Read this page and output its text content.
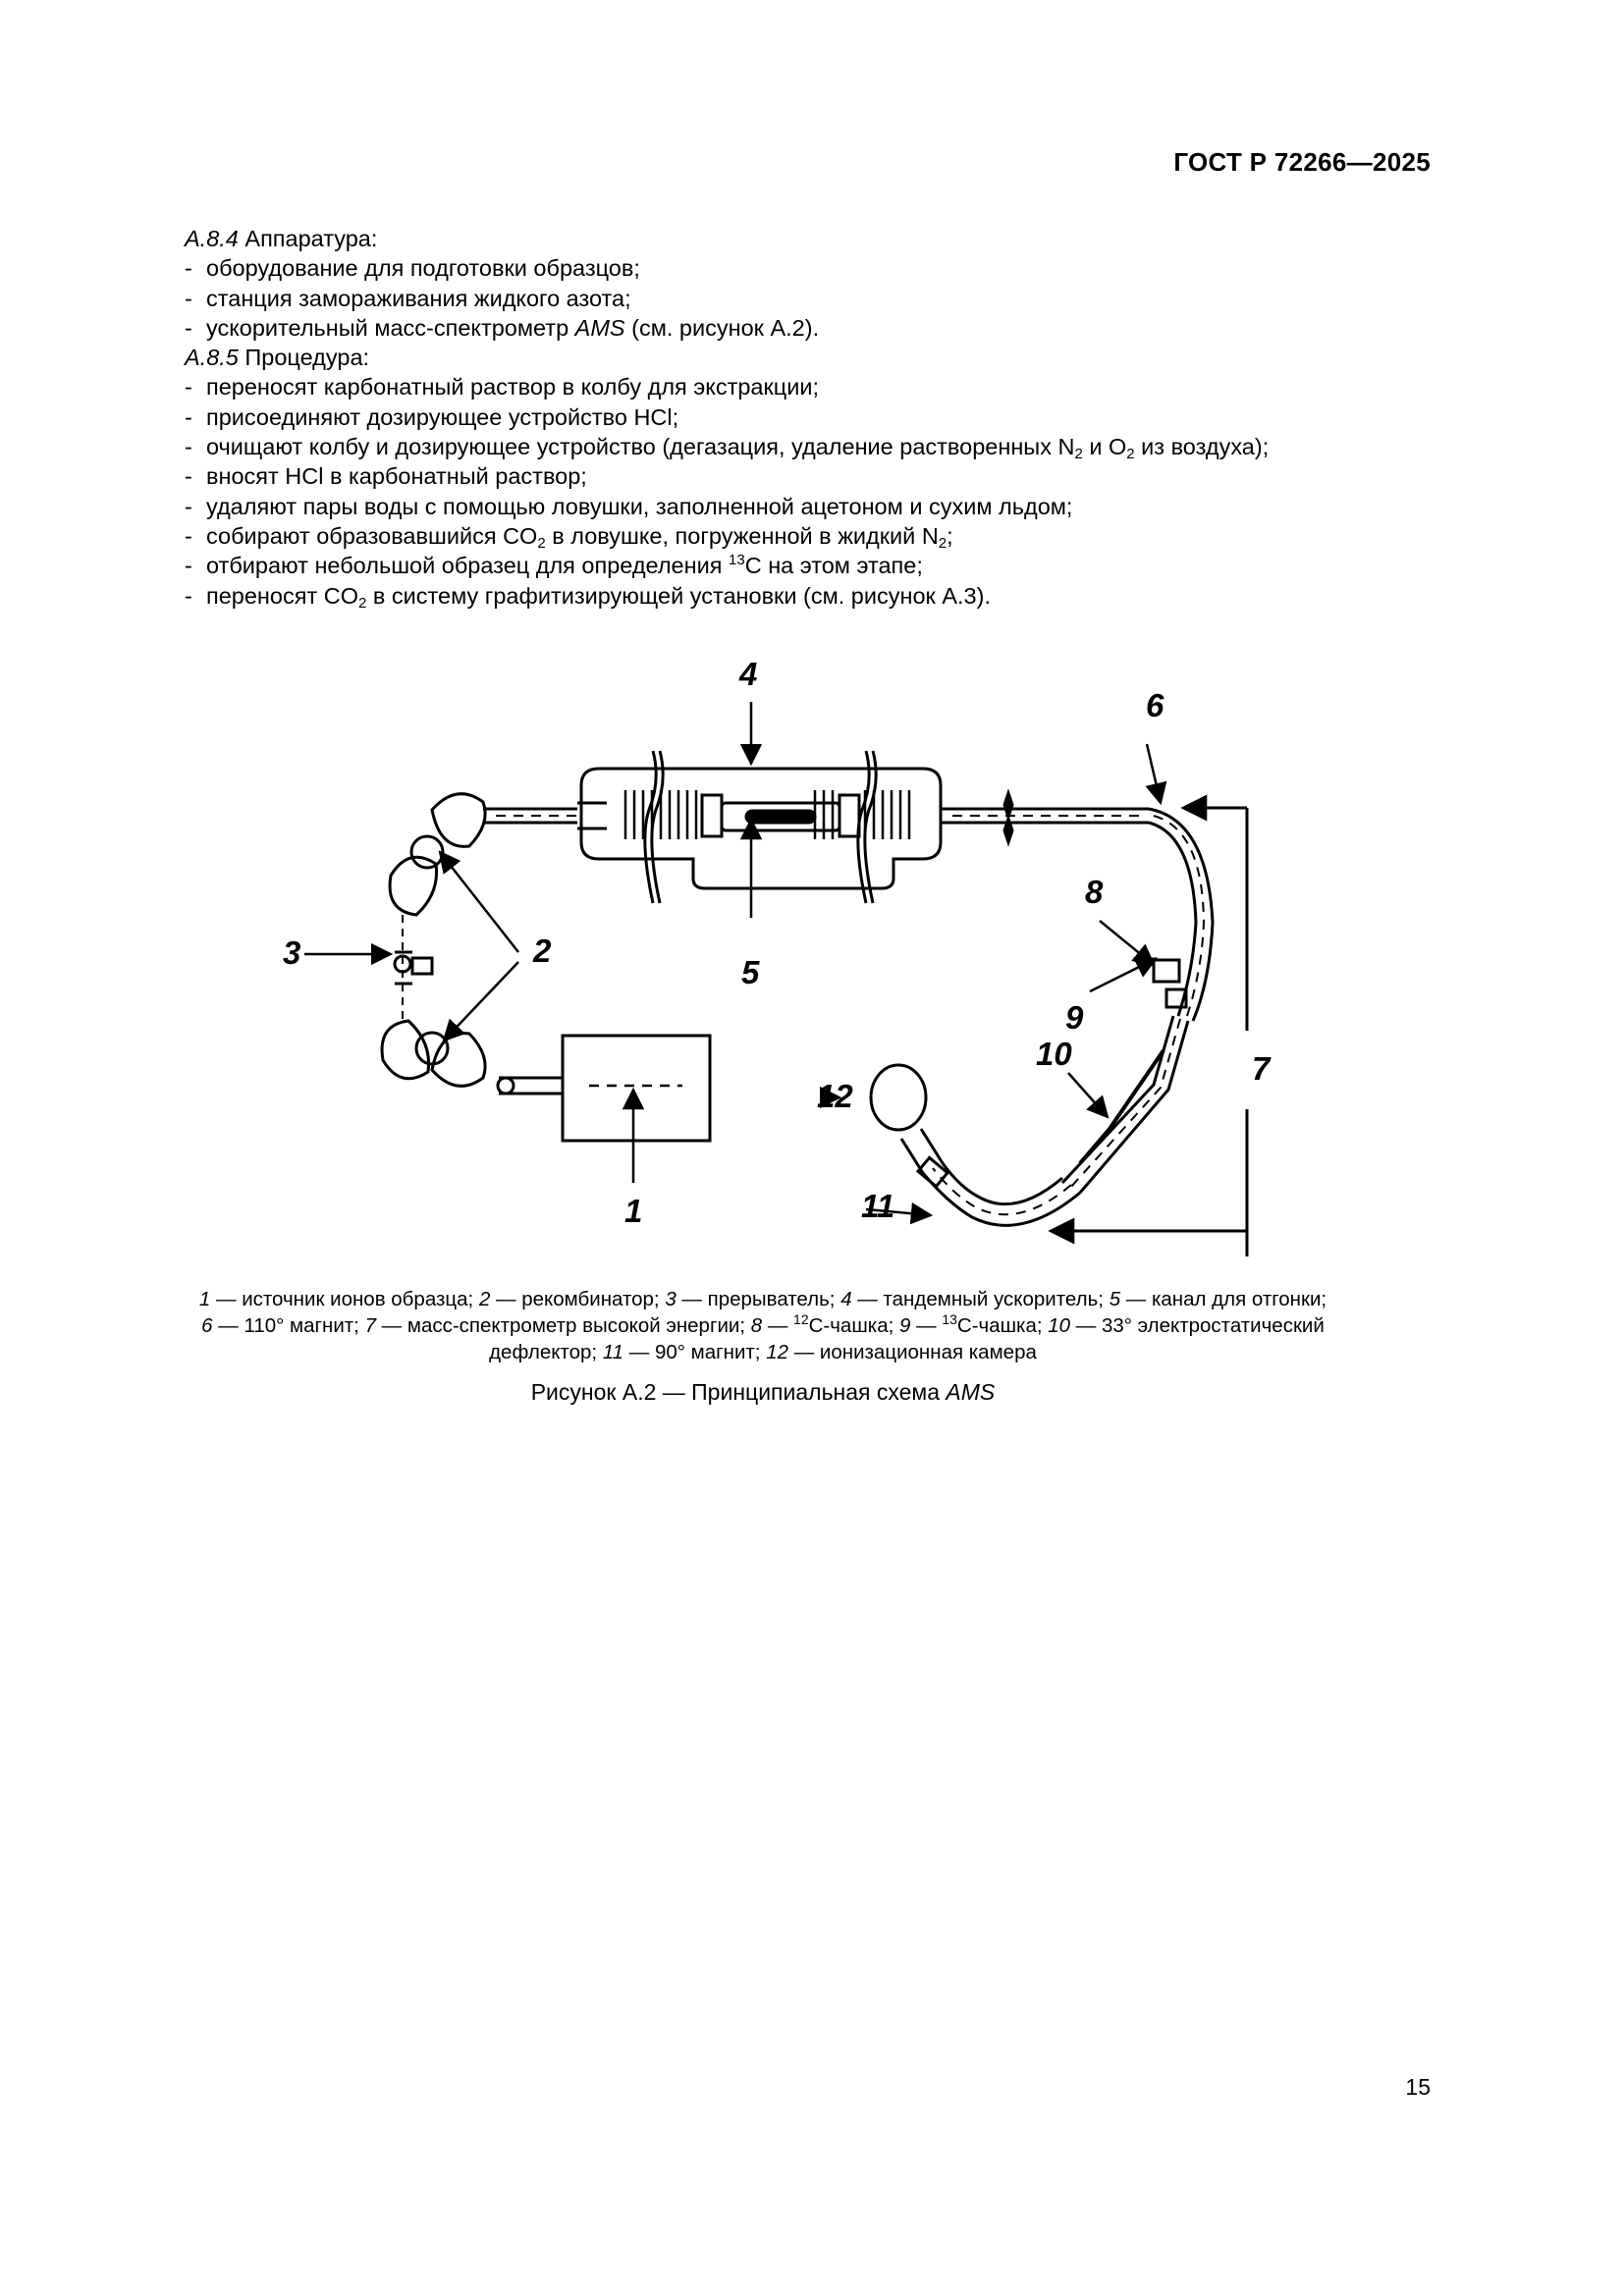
ГОСТ Р 72266—2025
А.8.4 Аппаратура:
- оборудование для подготовки образцов;
- станция замораживания жидкого азота;
- ускорительный масс-спектрометр AMS (см. рисунок А.2).
А.8.5 Процедура:
- переносят карбонатный раствор в колбу для экстракции;
- присоединяют дозирующее устройство HCl;
- очищают колбу и дозирующее устройство (дегазация, удаление растворенных $N_2$ и $O_2$ из воздуха);
- вносят HCl в карбонатный раствор;
- удаляют пары воды с помощью ловушки, заполненной ацетоном и сухим льдом;
- собирают образовавшийся $CO_2$ в ловушке, погруженной в жидкий $N_2$;
- отбирают небольшой образец для определения $^{13}$C на этом этапе;
- переносят $CO_2$ в систему графитизирующей установки (см. рисунок А.3).
4
6
8
2
3
5
9
10	7
12
11
1
1 — источник ионов образца; 2 — рекомбинатор; 3 — прерыватель; 4 — тандемный ускоритель; 5 — канал для отгонки;
6 — 110° магнит; 7 — масс-спектрометр высокой энергии; 8 — $^{12}$C-чашка; 9 — $^{13}$C-чашка; 10 — 33° электростатический
дефлектор; 11 — 90° магнит; 12 — ионизационная камера
Рисунок А.2 — Принципиальная схема AMS
15
